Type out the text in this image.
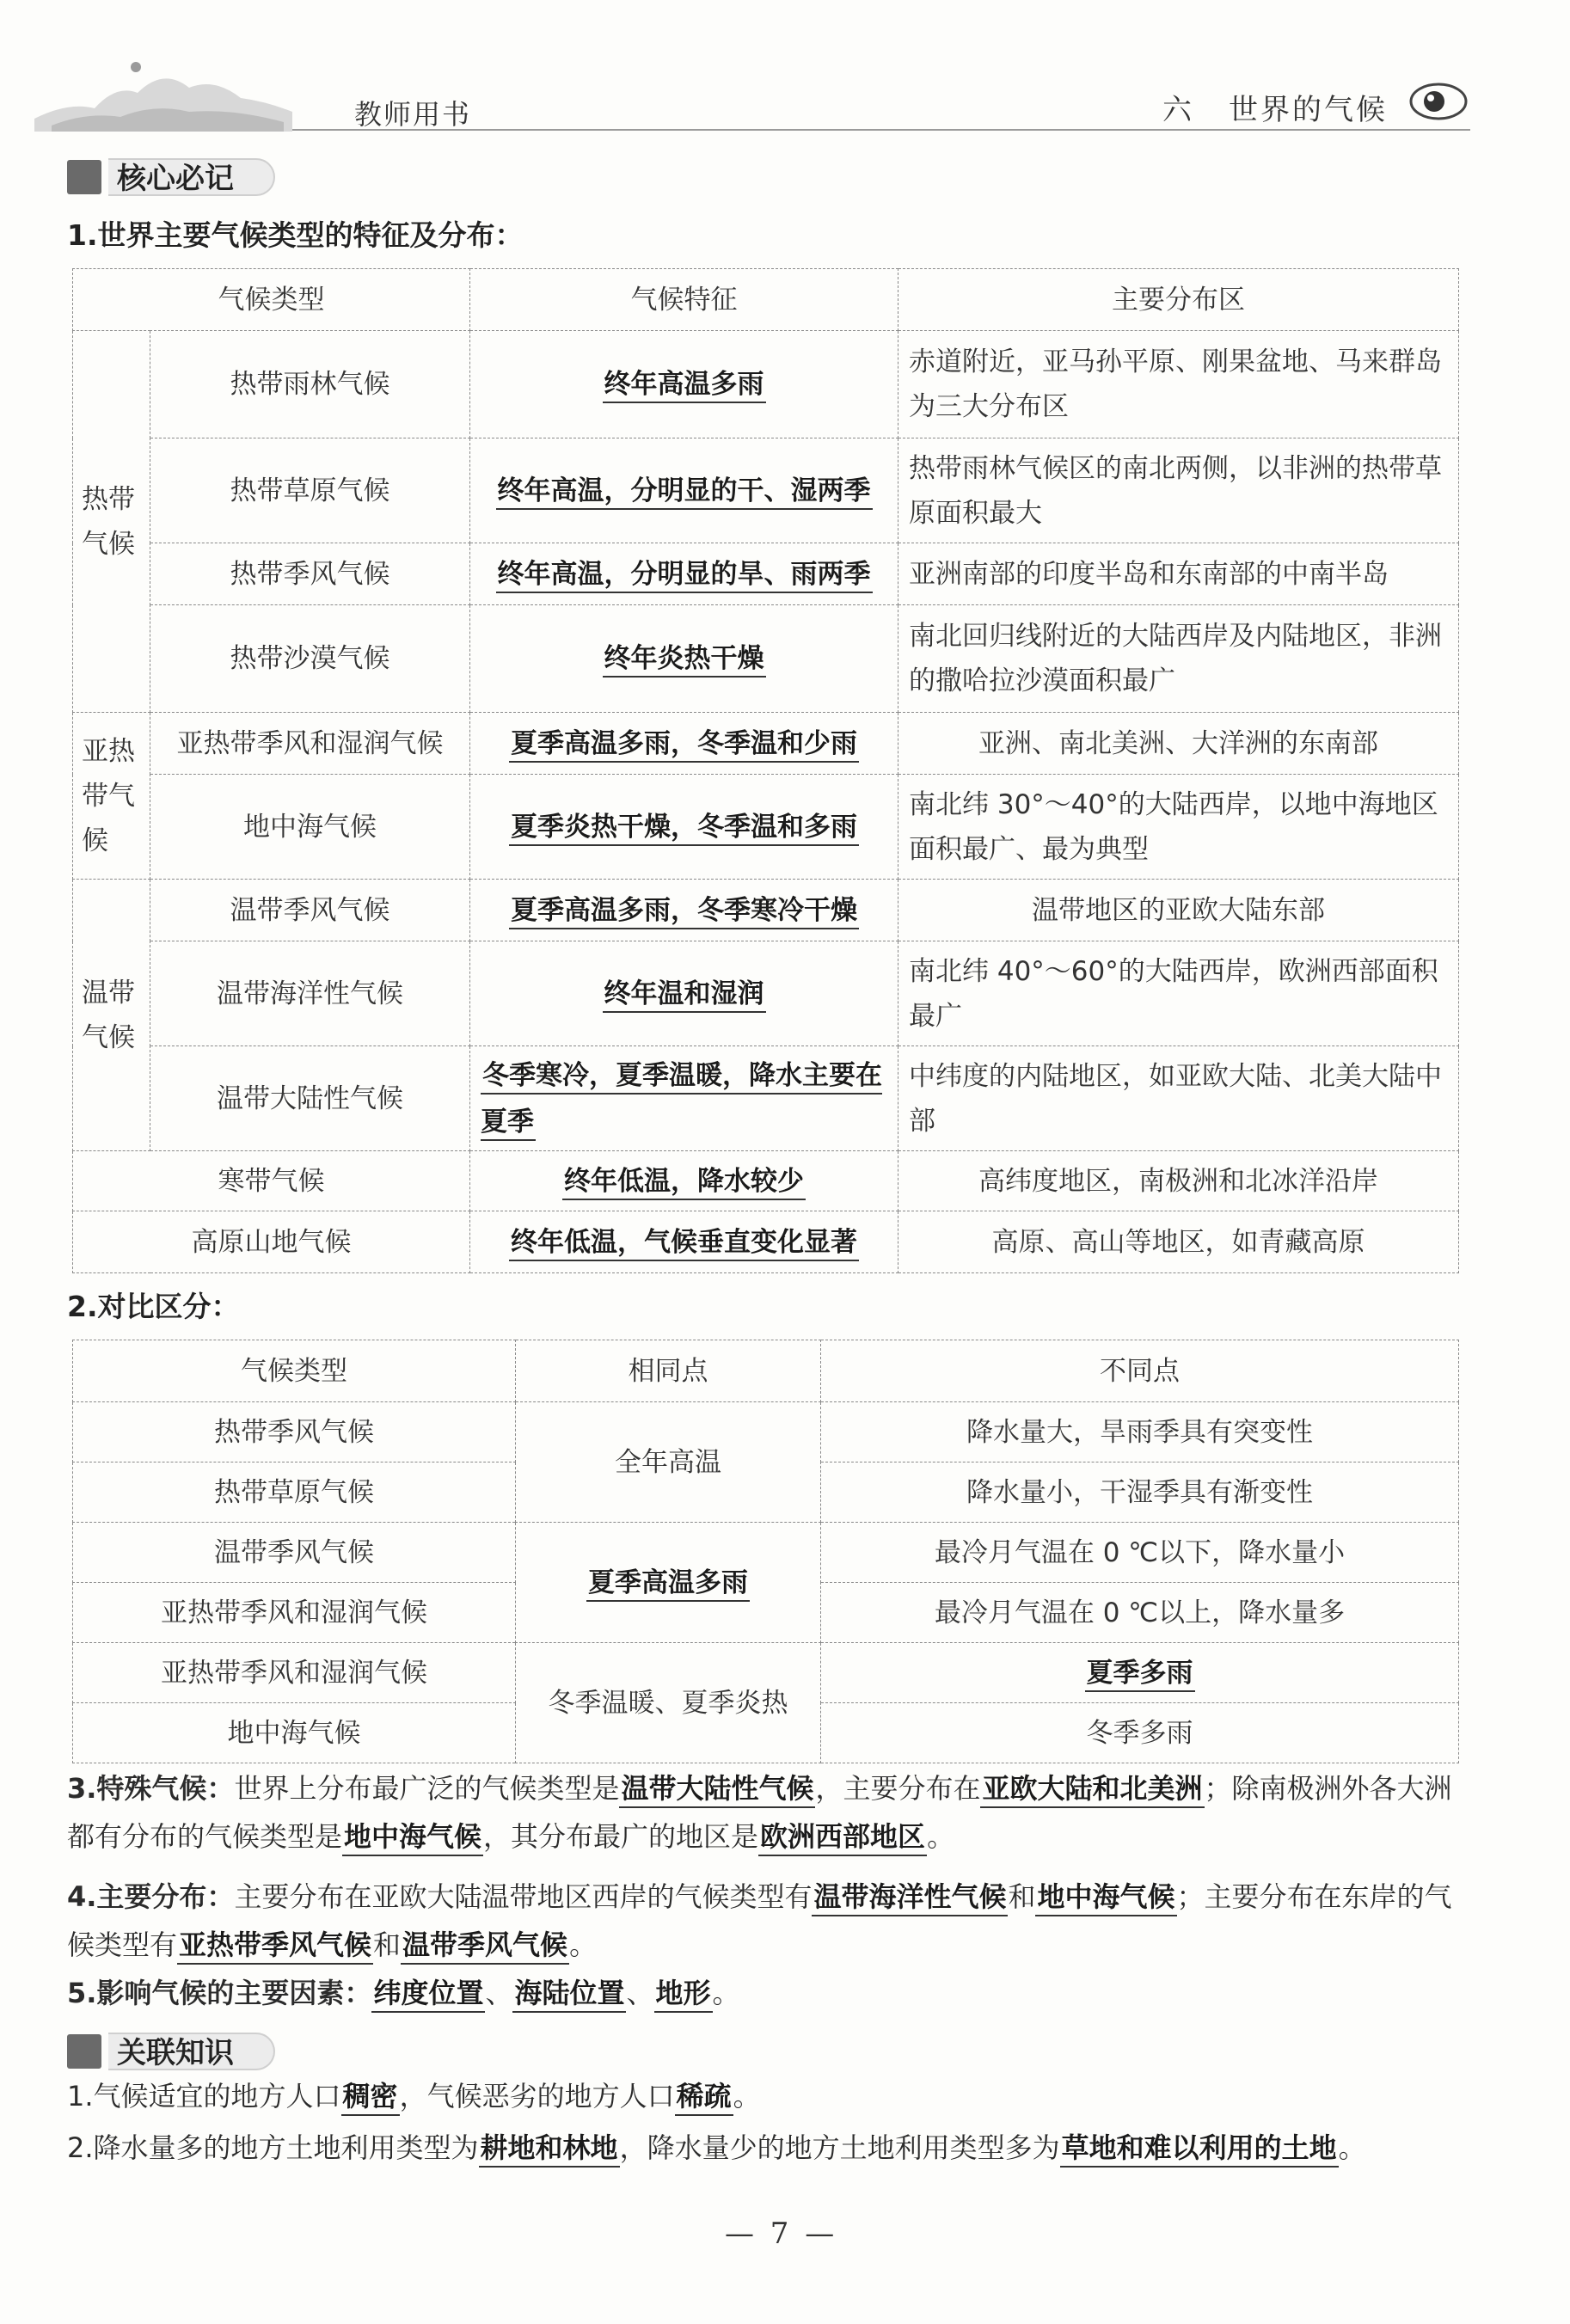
教师用书	六 世界的气候
核心必记
1.世界主要气候类型的特征及分布：
气候类型		气候特征	主要分布区
热带气候	热带雨林气候	终年高温多雨	赤道附近，亚马孙平原、刚果盆地、马来群岛为三大分布区
	热带草原气候	终年高温，分明显的干、湿两季	热带雨林气候区的南北两侧，以非洲的热带草原面积最大
	热带季风气候	终年高温，分明显的旱、雨两季	亚洲南部的印度半岛和东南部的中南半岛
	热带沙漠气候	终年炎热干燥	南北回归线附近的大陆西岸及内陆地区，非洲的撒哈拉沙漠面积最广
亚热带气候	亚热带季风和湿润气候	夏季高温多雨，冬季温和少雨	亚洲、南北美洲、大洋洲的东南部
	地中海气候	夏季炎热干燥，冬季温和多雨	南北纬 30°～40°的大陆西岸，以地中海地区面积最广、最为典型
温带气候	温带季风气候	夏季高温多雨，冬季寒冷干燥	温带地区的亚欧大陆东部
	温带海洋性气候	终年温和湿润	南北纬 40°～60°的大陆西岸，欧洲西部面积最广
	温带大陆性气候	冬季寒冷，夏季温暖，降水主要在夏季	中纬度的内陆地区，如亚欧大陆、北美大陆中部
寒带气候		终年低温，降水较少	高纬度地区，南极洲和北冰洋沿岸
高原山地气候		终年低温，气候垂直变化显著	高原、高山等地区，如青藏高原
2.对比区分：
气候类型	相同点	不同点
热带季风气候	全年高温	降水量大，旱雨季具有突变性
热带草原气候		降水量小，干湿季具有渐变性
温带季风气候	夏季高温多雨	最冷月气温在 0 ℃以下，降水量小
亚热带季风和湿润气候		最冷月气温在 0 ℃以上，降水量多
亚热带季风和湿润气候	冬季温暖、夏季炎热	夏季多雨
地中海气候		冬季多雨
3.特殊气候：世界上分布最广泛的气候类型是温带大陆性气候，主要分布在亚欧大陆和北美洲；除南极洲外各大洲都有分布的气候类型是地中海气候，其分布最广的地区是欧洲西部地区。
4.主要分布：主要分布在亚欧大陆温带地区西岸的气候类型有温带海洋性气候和地中海气候；主要分布在东岸的气候类型有亚热带季风气候和温带季风气候。
5.影响气候的主要因素：纬度位置、海陆位置、地形。
关联知识
1.气候适宜的地方人口稠密，气候恶劣的地方人口稀疏。
2.降水量多的地方土地利用类型为耕地和林地，降水量少的地方土地利用类型多为草地和难以利用的土地。
— 7 —
